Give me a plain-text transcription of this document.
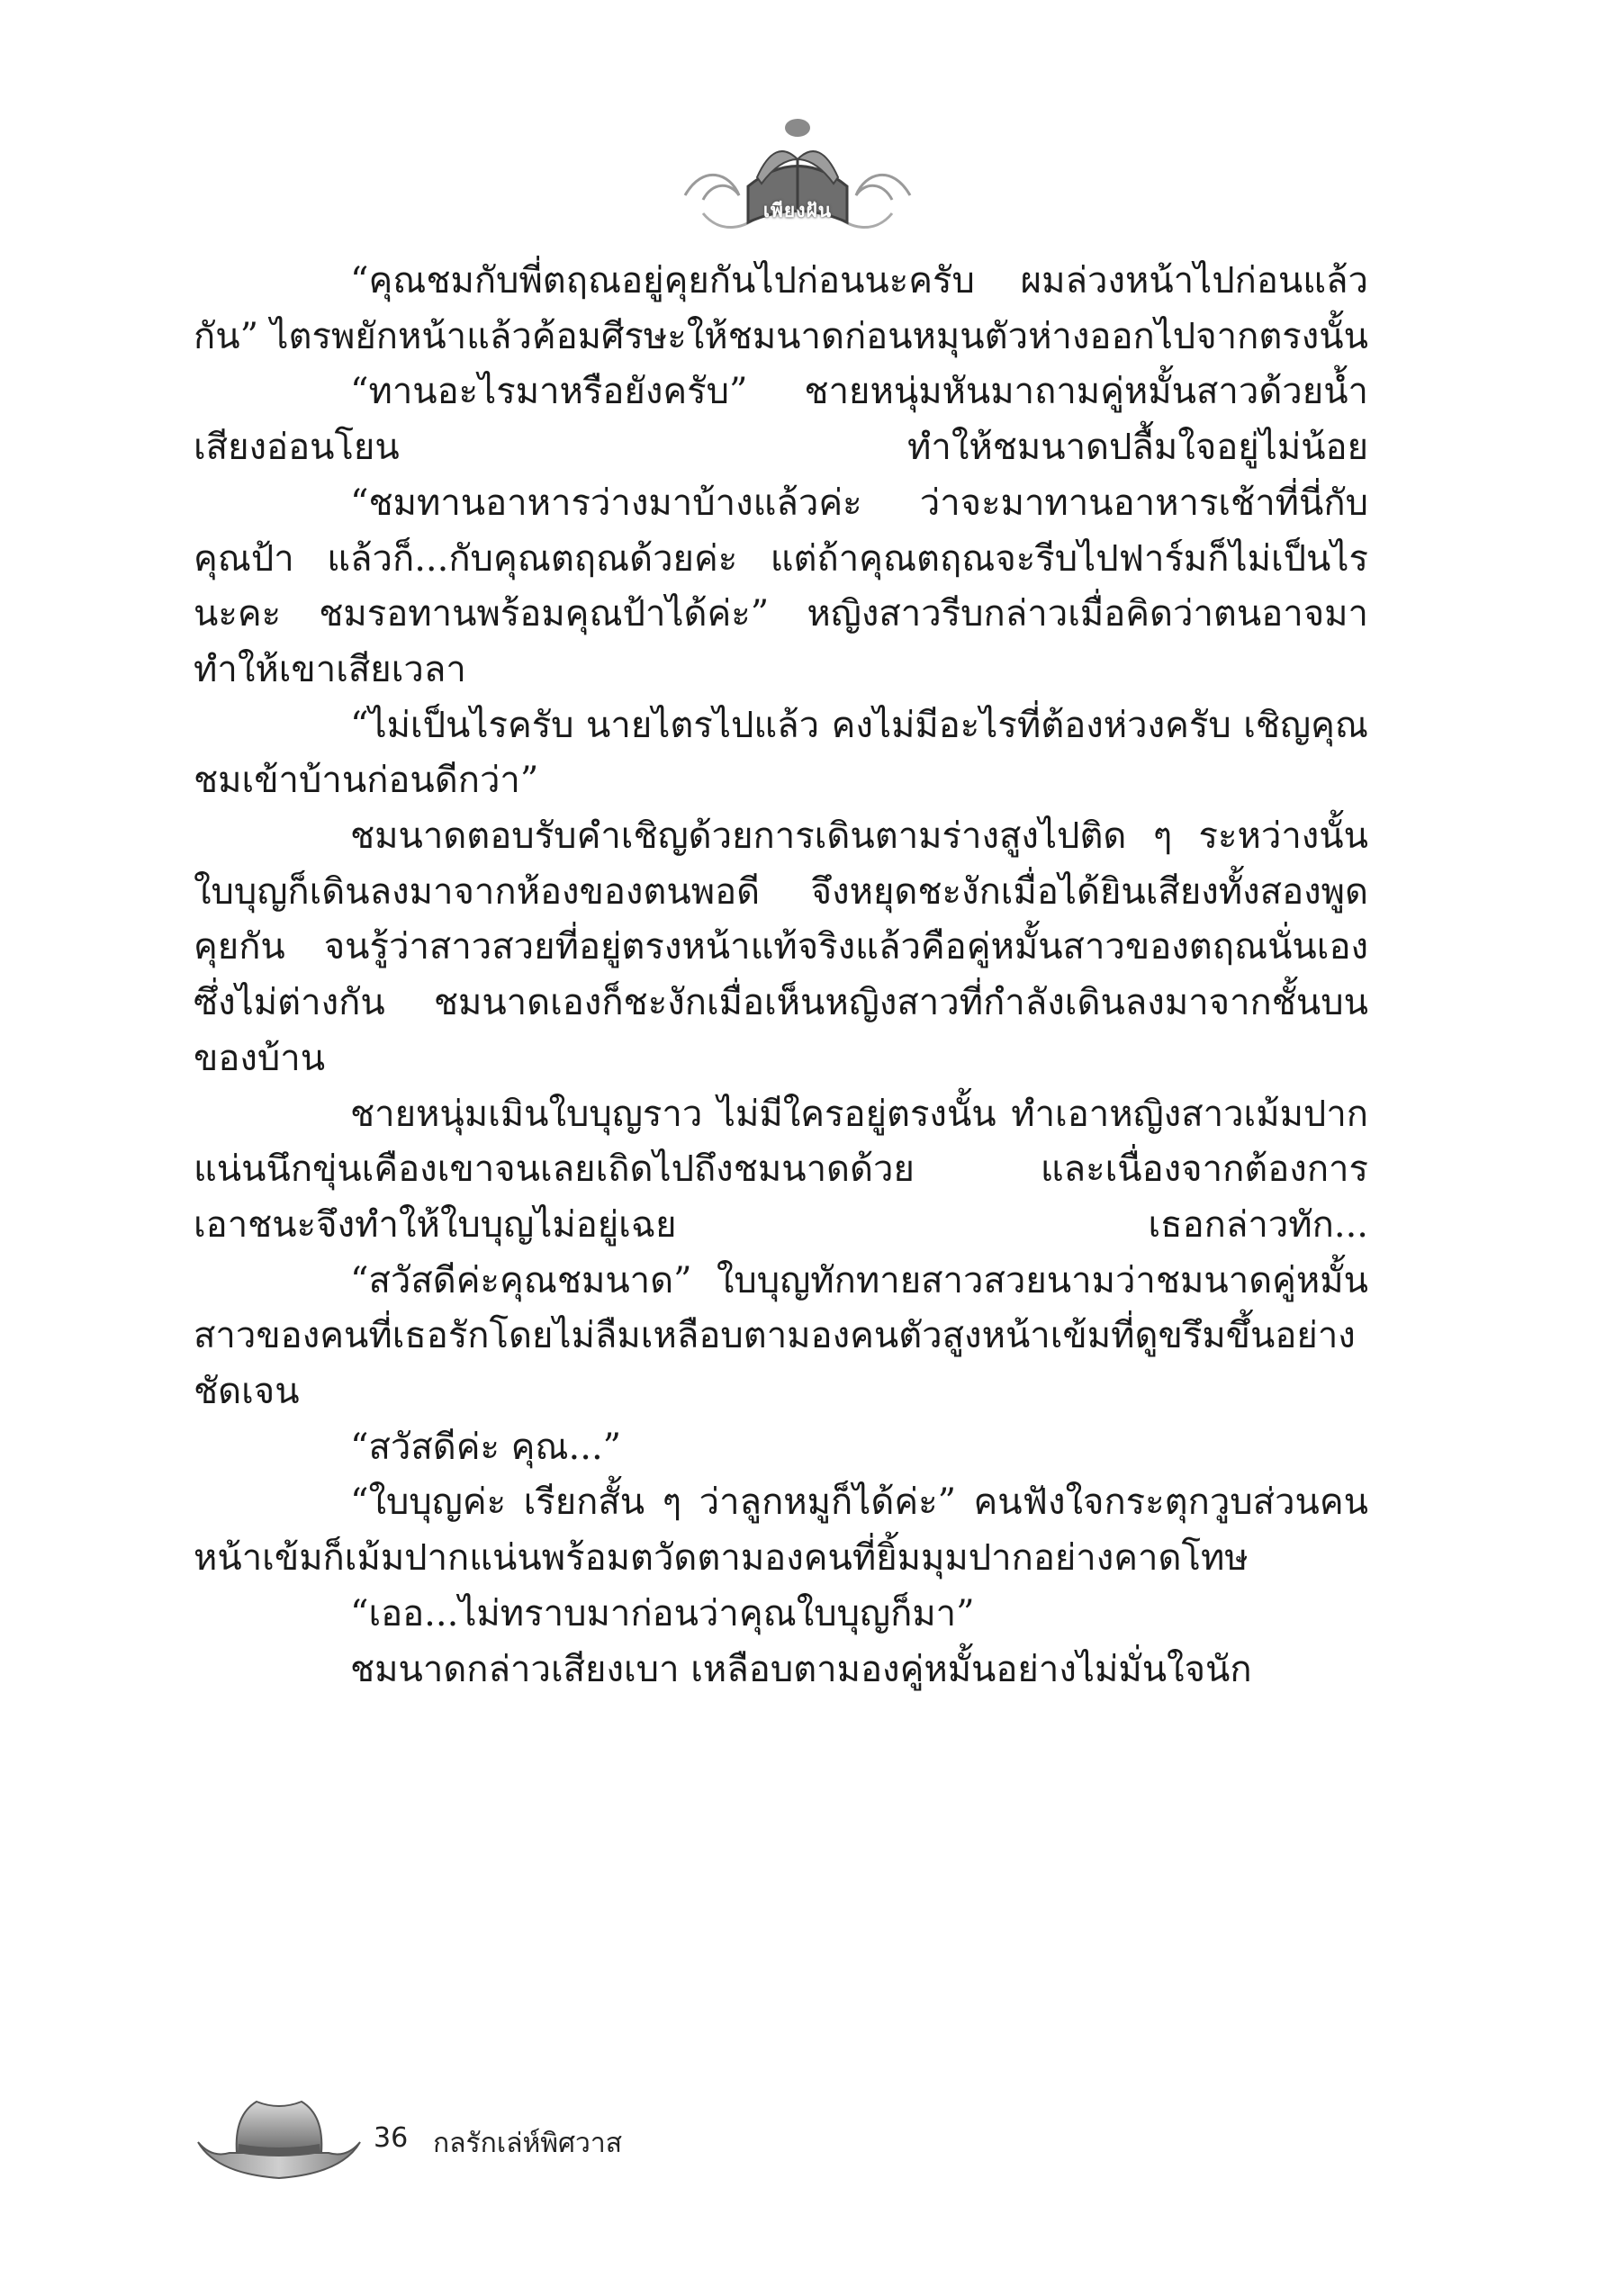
เพียงฝัน

“คุณชมกับพี่ตฤณอยู่คุยกันไปก่อนนะครับ ผมล่วงหน้าไปก่อนแล้วกัน” ไตรพยักหน้าแล้วค้อมศีรษะให้ชมนาดก่อนหมุนตัวห่างออกไปจากตรงนั้น

“ทานอะไรมาหรือยังครับ” ชายหนุ่มหันมาถามคู่หมั้นสาวด้วยน้ำเสียงอ่อนโยน ทำให้ชมนาดปลื้มใจอยู่ไม่น้อย

“ชมทานอาหารว่างมาบ้างแล้วค่ะ ว่าจะมาทานอาหารเช้าที่นี่กับคุณป้า แล้วก็...กับคุณตฤณด้วยค่ะ แต่ถ้าคุณตฤณจะรีบไปฟาร์มก็ไม่เป็นไรนะคะ ชมรอทานพร้อมคุณป้าได้ค่ะ” หญิงสาวรีบกล่าวเมื่อคิดว่าตนอาจมาทำให้เขาเสียเวลา

“ไม่เป็นไรครับ นายไตรไปแล้ว คงไม่มีอะไรที่ต้องห่วงครับ เชิญคุณชมเข้าบ้านก่อนดีกว่า”

ชมนาดตอบรับคำเชิญด้วยการเดินตามร่างสูงไปติด ๆ ระหว่างนั้นใบบุญก็เดินลงมาจากห้องของตนพอดี จึงหยุดชะงักเมื่อได้ยินเสียงทั้งสองพูดคุยกัน จนรู้ว่าสาวสวยที่อยู่ตรงหน้าแท้จริงแล้วคือคู่หมั้นสาวของตฤณนั่นเอง ซึ่งไม่ต่างกัน ชมนาดเองก็ชะงักเมื่อเห็นหญิงสาวที่กำลังเดินลงมาจากชั้นบนของบ้าน

ชายหนุ่มเมินใบบุญราว ไม่มีใครอยู่ตรงนั้น ทำเอาหญิงสาวเม้มปากแน่นนึกขุ่นเคืองเขาจนเลยเถิดไปถึงชมนาดด้วย และเนื่องจากต้องการเอาชนะจึงทำให้ใบบุญไม่อยู่เฉย เธอกล่าวทัก...

“สวัสดีค่ะคุณชมนาด” ใบบุญทักทายสาวสวยนามว่าชมนาดคู่หมั้นสาวของคนที่เธอรักโดยไม่ลืมเหลือบตามองคนตัวสูงหน้าเข้มที่ดูขรึมขึ้นอย่างชัดเจน

“สวัสดีค่ะ คุณ...”

“ใบบุญค่ะ เรียกสั้น ๆ ว่าลูกหมูก็ได้ค่ะ” คนฟังใจกระตุกวูบส่วนคนหน้าเข้มก็เม้มปากแน่นพร้อมตวัดตามองคนที่ยิ้มมุมปากอย่างคาดโทษ

“เออ...ไม่ทราบมาก่อนว่าคุณใบบุญก็มา”

ชมนาดกล่าวเสียงเบา เหลือบตามองคู่หมั้นอย่างไม่มั่นใจนัก

36 กลรักเล่ห์พิศวาส
